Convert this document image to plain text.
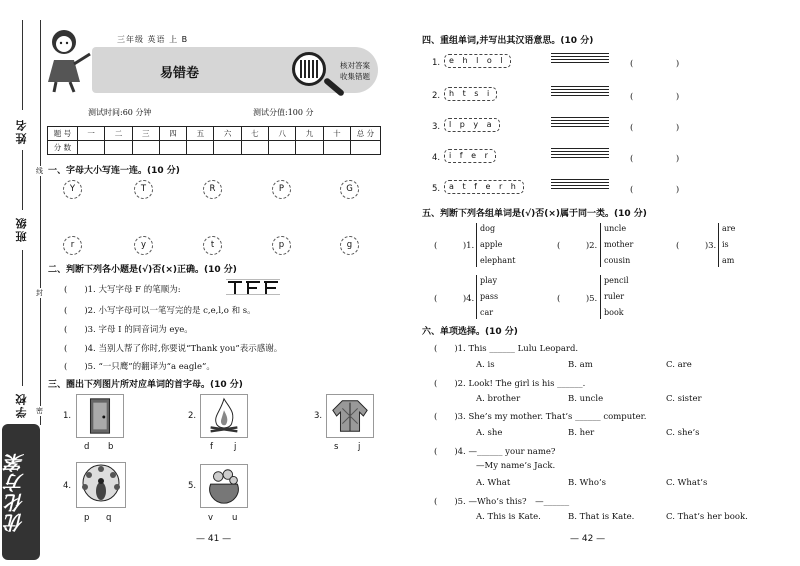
姓名
班级
学校
线
封
密
优化方案
三年级 英语 上 B
易错卷
核对答案
收集错题
测试时间:60 分钟	测试分值:100 分
题 号	一	二	三	四	五	六	七	八	九	十	总 分
分 数											
一、字母大小写连一连。(10 分)
Y	T	R	P	G
r	y	t	p	g
二、判断下列各小题是(√)否(×)正确。(10 分)
(　　)1. 大写字母 F 的笔顺为:
(　　)2. 小写字母可以一笔写完的是 c,e,l,o 和 s。
(　　)3. 字母 I 的同音词为 eye。
(　　)4. 当别人帮了你时,你要说“Thank you”表示感谢。
(　　)5. “一只鹰”的翻译为“a eagle”。
三、圈出下列图片所对应单词的首字母。(10 分)
1.
d b
2.
f j
3.
s j
4.
p q
5.
v u
— 41 —
四、重组单词,并写出其汉语意思。(10 分)
1.	e h l o l	(　　　　　)
2.	h t s i	(　　　　　)
3.	l p y a	(　　　　　)
4.	i f e r	(　　　　　)
5.	a t f e r h	(　　　　　)
五、判断下列各组单词是(√)否(×)属于同一类。(10 分)
(　　　)1.
dog
apple
elephant
(　　　)2.
uncle
mother
cousin
(　　　)3.
are
is
am
(　　　)4.
play
pass
car
(　　　)5.
pencil
ruler
book
六、单项选择。(10 分)
(　　)1. This ______ Lulu Leopard.
A. is	B. am	C. are
(　　)2. Look! The girl is his ______.
A. brother	B. uncle	C. sister
(　　)3. She’s my mother. That’s ______ computer.
A. she	B. her	C. she’s
(　　)4. —______ your name?
—My name’s Jack.
A. What	B. Who’s	C. What’s
(　　)5. —Who’s this?　—______
A. This is Kate.	B. That is Kate.	C. That’s her book.
— 42 —
